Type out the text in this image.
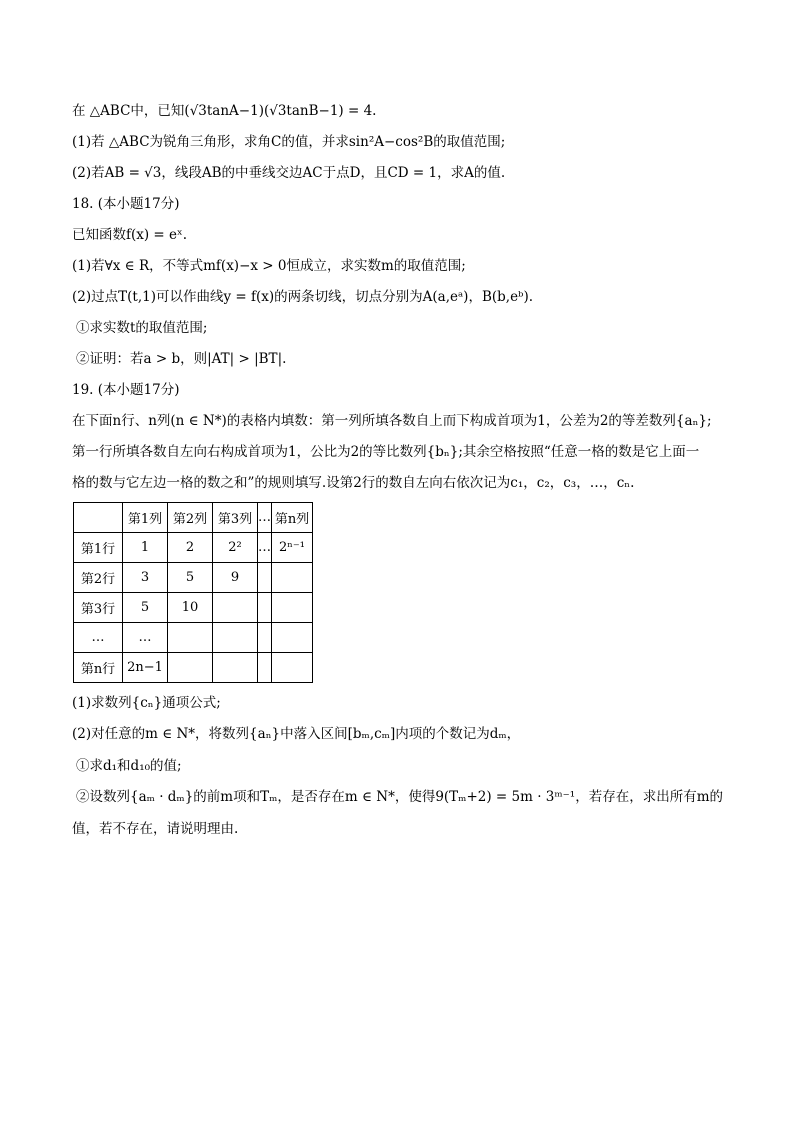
在 △ABC中，已知(√3tanA−1)(√3tanB−1) = 4.
(1)若 △ABC为锐角三角形，求角C的值，并求sin²A−cos²B的取值范围;
(2)若AB = √3，线段AB的中垂线交边AC于点D，且CD = 1，求A的值.
18. (本小题17分)
已知函数f(x) = eˣ.
(1)若∀x ∈ R，不等式mf(x)−x > 0恒成立，求实数m的取值范围;
(2)过点T(t,1)可以作曲线y = f(x)的两条切线，切点分别为A(a,eᵃ)，B(b,eᵇ).
①求实数t的取值范围;
②证明：若a > b，则|AT| > |BT|.
19. (本小题17分)
在下面n行、n列(n ∈ N*)的表格内填数：第一列所填各数自上而下构成首项为1，公差为2的等差数列{aₙ};
第一行所填各数自左向右构成首项为1，公比为2的等比数列{bₙ};其余空格按照“任意一格的数是它上面一
格的数与它左边一格的数之和”的规则填写.设第2行的数自左向右依次记为c₁，c₂，c₃，…，cₙ.
	第1列	第2列	第3列	…	第n列
第1行	1	2	2²	…	2ⁿ⁻¹
第2行	3	5	9		
第3行	5	10			
…	…				
第n行	2n−1				
(1)求数列{cₙ}通项公式;
(2)对任意的m ∈ N*，将数列{aₙ}中落入区间[bₘ,cₘ]内项的个数记为dₘ，
①求d₁和d₁₀的值;
②设数列{aₘ · dₘ}的前m项和Tₘ，是否存在m ∈ N*，使得9(Tₘ+2) = 5m · 3ᵐ⁻¹，若存在，求出所有m的
值，若不存在，请说明理由.
